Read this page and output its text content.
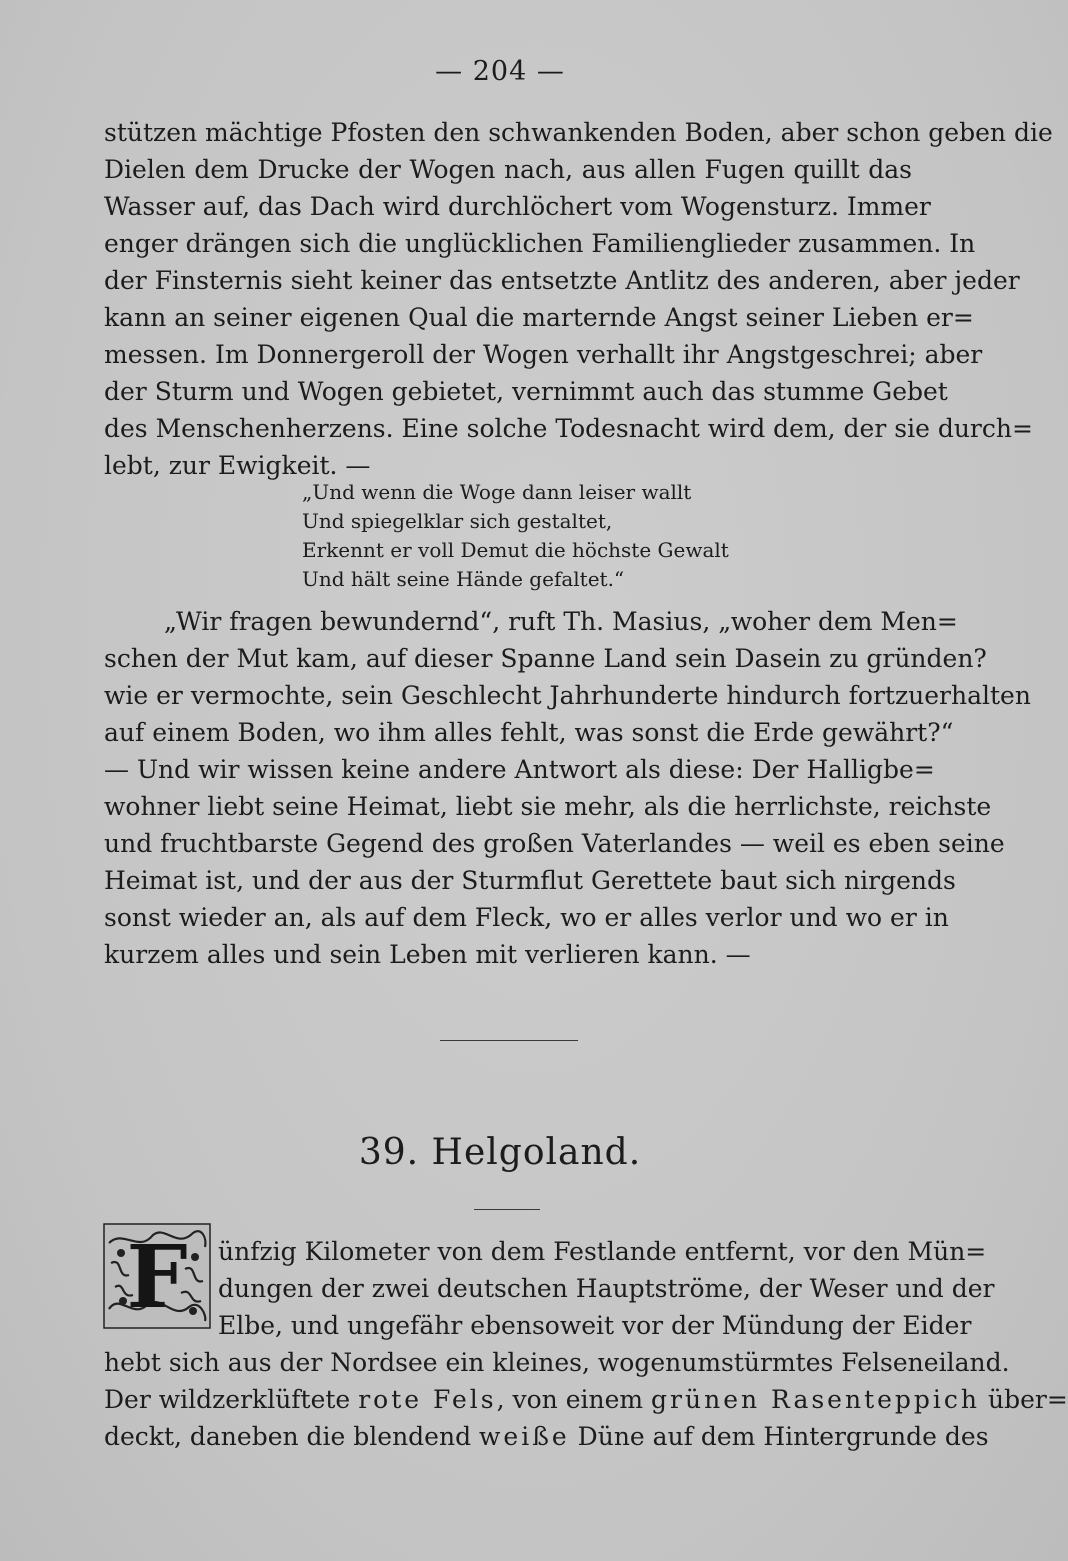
— 204 —
stützen mächtige Pfosten den schwankenden Boden, aber schon geben die
Dielen dem Drucke der Wogen nach, aus allen Fugen quillt das
Wasser auf, das Dach wird durchlöchert vom Wogensturz. Immer
enger drängen sich die unglücklichen Familienglieder zusammen. In
der Finsternis sieht keiner das entsetzte Antlitz des anderen, aber jeder
kann an seiner eigenen Qual die marternde Angst seiner Lieben er=
messen. Im Donnergeroll der Wogen verhallt ihr Angstgeschrei; aber
der Sturm und Wogen gebietet, vernimmt auch das stumme Gebet
des Menschenherzens. Eine solche Todesnacht wird dem, der sie durch=
lebt, zur Ewigkeit. —
„Und wenn die Woge dann leiser wallt
Und spiegelklar sich gestaltet,
Erkennt er voll Demut die höchste Gewalt
Und hält seine Hände gefaltet.“
„Wir fragen bewundernd“, ruft Th. Masius, „woher dem Men=
schen der Mut kam, auf dieser Spanne Land sein Dasein zu gründen?
wie er vermochte, sein Geschlecht Jahrhunderte hindurch fortzuerhalten
auf einem Boden, wo ihm alles fehlt, was sonst die Erde gewährt?“
— Und wir wissen keine andere Antwort als diese: Der Halligbe=
wohner liebt seine Heimat, liebt sie mehr, als die herrlichste, reichste
und fruchtbarste Gegend des großen Vaterlandes — weil es eben seine
Heimat ist, und der aus der Sturmflut Gerettete baut sich nirgends
sonst wieder an, als auf dem Fleck, wo er alles verlor und wo er in
kurzem alles und sein Leben mit verlieren kann. —
39. Helgoland.
F ünfzig Kilometer von dem Festlande entfernt, vor den Mün=
dungen der zwei deutschen Hauptströme, der Weser und der
Elbe, und ungefähr ebensoweit vor der Mündung der Eider
hebt sich aus der Nordsee ein kleines, wogenumstürmtes Felseneiland.
Der wildzerklüftete rote Fels, von einem grünen Rasenteppich über=
deckt, daneben die blendend weiße Düne auf dem Hintergrunde des
